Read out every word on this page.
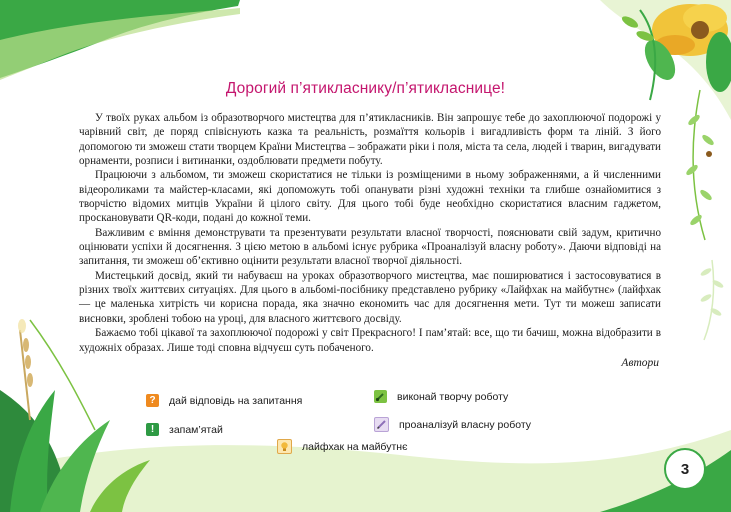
Дорогий п’ятикласнику/п’ятикласнице!

У твоїх руках альбом із образотворчого мистецтва для п’ятикласників. Він запрошує тебе до захоплюючої подорожі у чарівний світ, де поряд співіснують казка та реальність, розмаїття кольорів і вигадливість форм та ліній. З його допомогою ти зможеш стати творцем Країни Мистецтва – зображати ріки і поля, міста та села, людей і тварин, вигадувати орнаменти, розписи і витинанки, оздоблювати предмети побуту.

Працюючи з альбомом, ти зможеш скористатися не тільки із розміщеними в ньому зображеннями, а й численними відеороликами та майстер-класами, які допоможуть тобі опанувати різні художні техніки та глибше ознайомитися з творчістю відомих митців України й цілого світу. Для цього тобі буде необхідно скористатися власним гаджетом, проскановувати QR-коди, подані до кожної теми.

Важливим є вміння демонструвати та презентувати результати власної творчості, пояснювати свій задум, критично оцінювати успіхи й досягнення. З цією метою в альбомі існує рубрика «Проаналізуй власну роботу». Даючи відповіді на запитання, ти зможеш об’єктивно оцінити результати власної творчої діяльності.

Мистецький досвід, який ти набуваєш на уроках образотворчого мистецтва, має поширюватися і застосовуватися в різних твоїх життєвих ситуаціях. Для цього в альбомі-посібнику представлено рубрику «Лайфхак на майбутнє» (лайфхак — це маленька хитрість чи корисна порада, яка значно економить час для досягнення мети. Тут ти можеш записати висновки, зроблені тобою на уроці, для власного життєвого досвіду.

Бажаємо тобі цікавої та захоплюючої подорожі у світ Прекрасного! І пам’ятай: все, що ти бачиш, можна відобразити в художніх образах. Лише тоді сповна відчуєш суть побаченого.

Автори
?	дай відповідь на запитання
!	запам’ятай
лайфхак на майбутнє
виконай творчу роботу
проаналізуй власну роботу
3
